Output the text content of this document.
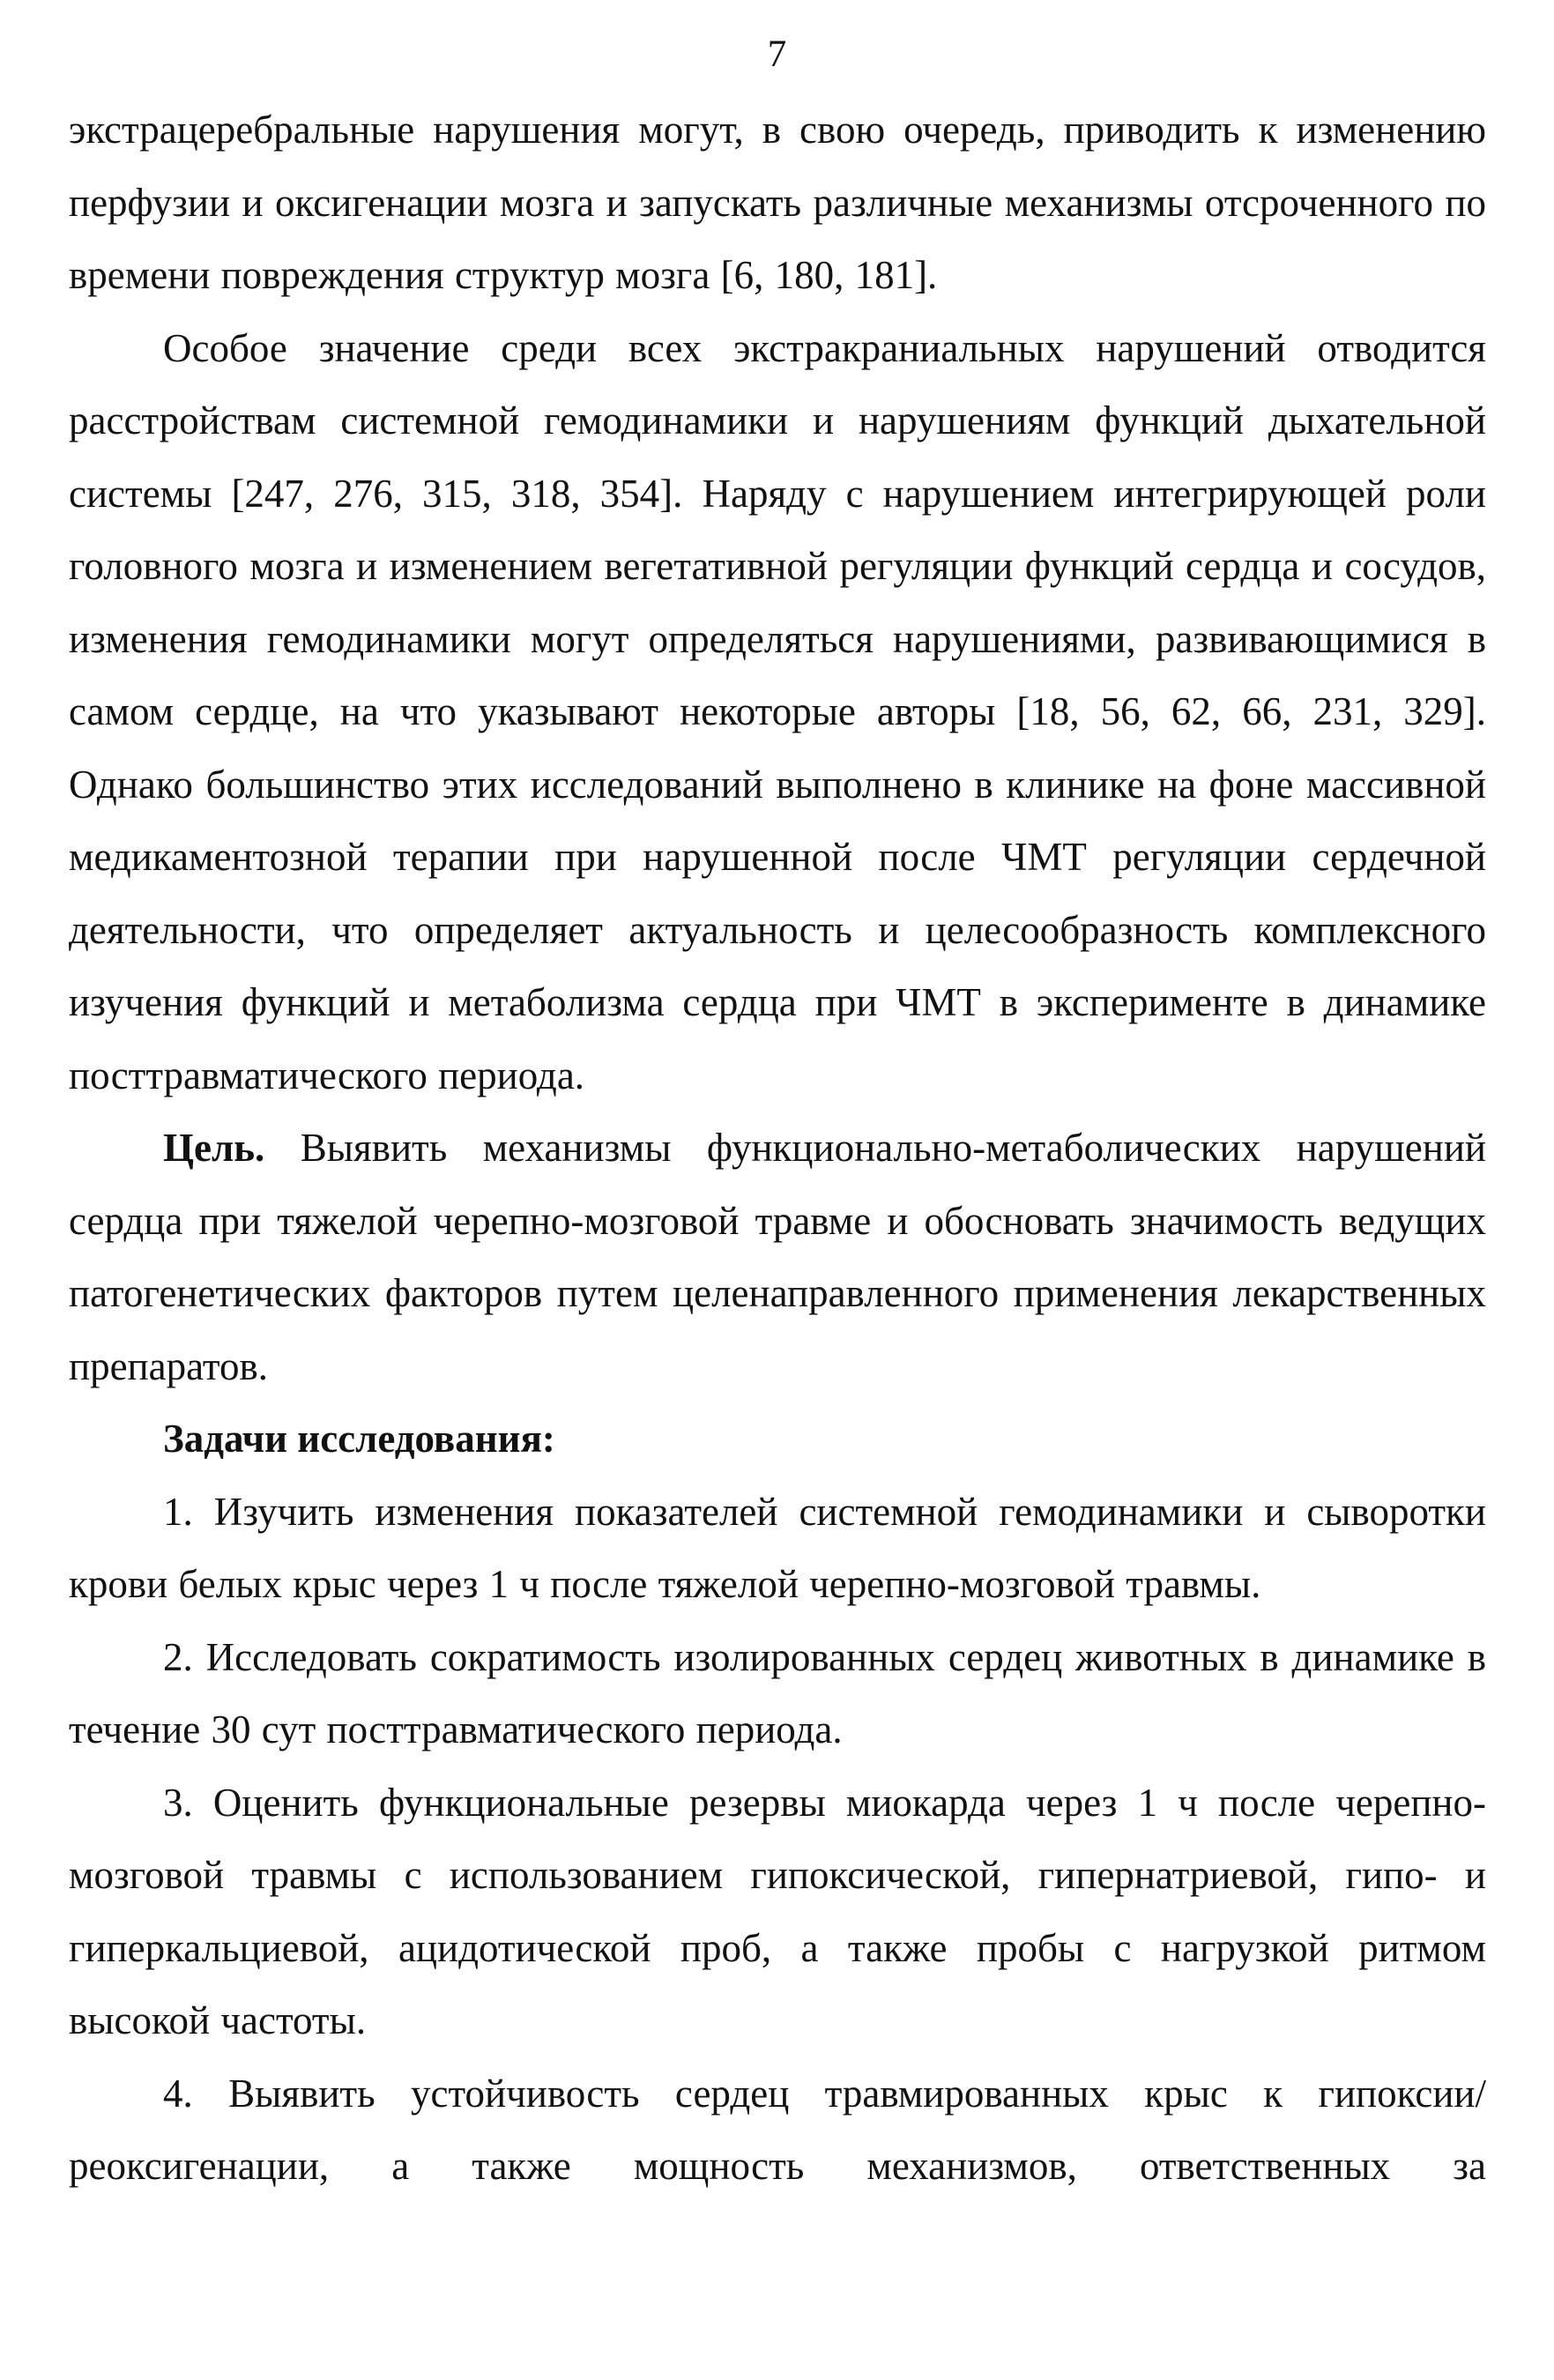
7

экстрацеребральные нарушения могут, в свою очередь, приводить к изменению перфузии и оксигенации мозга и запускать различные механизмы отсроченного по времени повреждения структур мозга [6, 180, 181].

Особое значение среди всех экстракраниальных нарушений отводится расстройствам системной гемодинамики и нарушениям функций дыхательной системы [247, 276, 315, 318, 354]. Наряду с нарушением интегрирующей роли головного мозга и изменением вегетативной регуляции функций сердца и сосудов, изменения гемодинамики могут определяться нарушениями, развивающимися в самом сердце, на что указывают некоторые авторы [18, 56, 62, 66, 231, 329]. Однако большинство этих исследований выполнено в клинике на фоне массивной медикаментозной терапии при нарушенной после ЧМТ регуляции сердечной деятельности, что определяет актуальность и целесообразность комплексного изучения функций и метаболизма сердца при ЧМТ в эксперименте в динамике посттравматического периода.

Цель. Выявить механизмы функционально-метаболических нарушений сердца при тяжелой черепно-мозговой травме и обосновать значимость ведущих патогенетических факторов путем целенаправленного применения лекарственных препаратов.

Задачи исследования:

1. Изучить изменения показателей системной гемодинамики и сыворотки крови белых крыс через 1 ч после тяжелой черепно-мозговой травмы.

2. Исследовать сократимость изолированных сердец животных в динамике в течение 30 сут посттравматического периода.

3. Оценить функциональные резервы миокарда через 1 ч после черепно-мозговой травмы с использованием гипоксической, гипернатриевой, гипо- и гиперкальциевой, ацидотической проб, а также пробы с нагрузкой ритмом высокой частоты.

4. Выявить устойчивость сердец травмированных крыс к гипоксии/реоксигенации, а также мощность механизмов, ответственных за
